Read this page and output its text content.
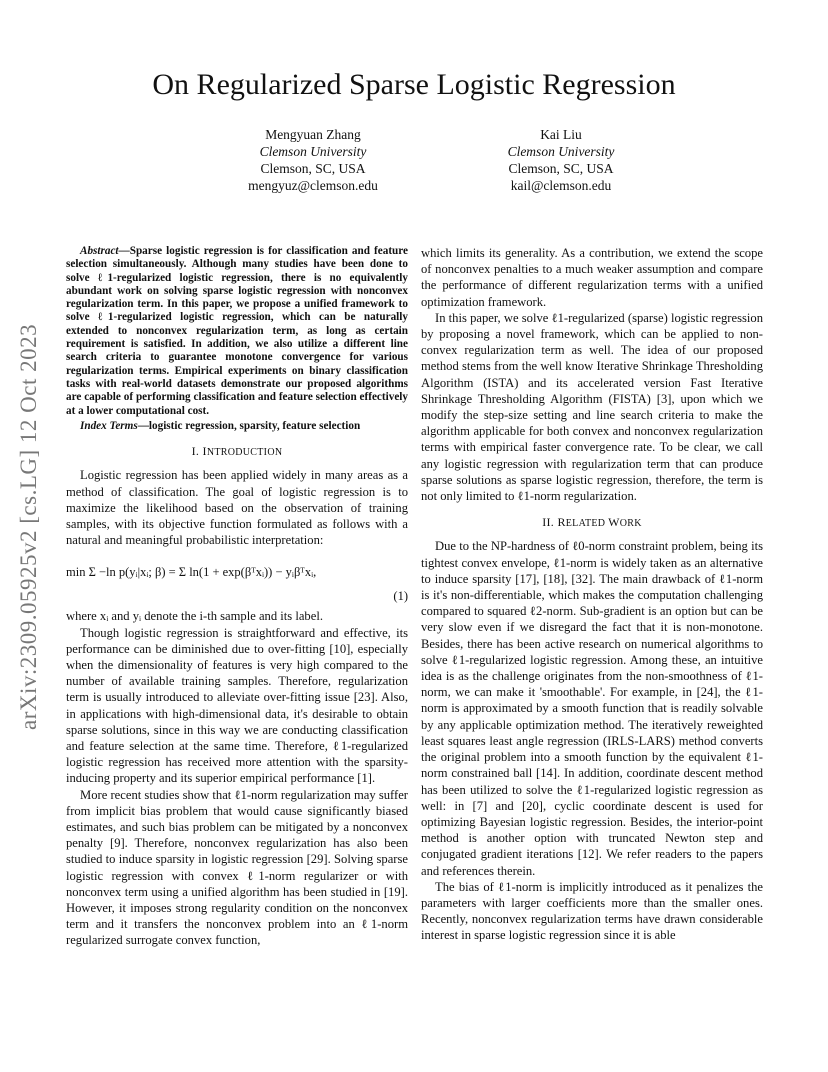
arXiv:2309.05925v2 [cs.LG] 12 Oct 2023
On Regularized Sparse Logistic Regression
Mengyuan Zhang
Clemson University
Clemson, SC, USA
mengyuz@clemson.edu
Kai Liu
Clemson University
Clemson, SC, USA
kail@clemson.edu
Abstract—Sparse logistic regression is for classification and feature selection simultaneously. Although many studies have been done to solve ℓ1-regularized logistic regression, there is no equivalently abundant work on solving sparse logistic regression with nonconvex regularization term. In this paper, we propose a unified framework to solve ℓ1-regularized logistic regression, which can be naturally extended to nonconvex regularization term, as long as certain requirement is satisfied. In addition, we also utilize a different line search criteria to guarantee monotone convergence for various regularization terms. Empirical experiments on binary classification tasks with real-world datasets demonstrate our proposed algorithms are capable of performing classification and feature selection effectively at a lower computational cost.
Index Terms—logistic regression, sparsity, feature selection
I. INTRODUCTION

Logistic regression has been applied widely in many areas as a method of classification. The goal of logistic regression is to maximize the likelihood based on the observation of training samples, with its objective function formulated as follows with a natural and meaningful probabilistic interpretation:

min Σ −ln p(yᵢ|xᵢ; β) = Σ ln(1 + exp(βᵀxᵢ)) − yᵢβᵀxᵢ,
(1)

where xᵢ and yᵢ denote the i-th sample and its label.

Though logistic regression is straightforward and effective, its performance can be diminished due to over-fitting [10], especially when the dimensionality of features is very high compared to the number of available training samples. Therefore, regularization term is usually introduced to alleviate over-fitting issue [23]. Also, in applications with high-dimensional data, it's desirable to obtain sparse solutions, since in this way we are conducting classification and feature selection at the same time. Therefore, ℓ1-regularized logistic regression has received more attention with the sparsity-inducing property and its superior empirical performance [1].

More recent studies show that ℓ1-norm regularization may suffer from implicit bias problem that would cause significantly biased estimates, and such bias problem can be mitigated by a nonconvex penalty [9]. Therefore, nonconvex regularization has also been studied to induce sparsity in logistic regression [29]. Solving sparse logistic regression with convex ℓ1-norm regularizer or with nonconvex term using a unified algorithm has been studied in [19]. However, it imposes strong regularity condition on the nonconvex term and it transfers the nonconvex problem into an ℓ1-norm regularized surrogate convex function,

which limits its generality. As a contribution, we extend the scope of nonconvex penalties to a much weaker assumption and compare the performance of different regularization terms with a unified optimization framework.

In this paper, we solve ℓ1-regularized (sparse) logistic regression by proposing a novel framework, which can be applied to non-convex regularization term as well. The idea of our proposed method stems from the well know Iterative Shrinkage Thresholding Algorithm (ISTA) and its accelerated version Fast Iterative Shrinkage Thresholding Algorithm (FISTA) [3], upon which we modify the step-size setting and line search criteria to make the algorithm applicable for both convex and nonconvex regularization terms with empirical faster convergence rate. To be clear, we call any logistic regression with regularization term that can produce sparse solutions as sparse logistic regression, therefore, the term is not only limited to ℓ1-norm regularization.

II. RELATED WORK

Due to the NP-hardness of ℓ0-norm constraint problem, being its tightest convex envelope, ℓ1-norm is widely taken as an alternative to induce sparsity [17], [18], [32]. The main drawback of ℓ1-norm is it's non-differentiable, which makes the computation challenging compared to squared ℓ2-norm. Sub-gradient is an option but can be very slow even if we disregard the fact that it is non-monotone. Besides, there has been active research on numerical algorithms to solve ℓ1-regularized logistic regression. Among these, an intuitive idea is as the challenge originates from the non-smoothness of ℓ1-norm, we can make it 'smoothable'. For example, in [24], the ℓ1-norm is approximated by a smooth function that is readily solvable by any applicable optimization method. The iteratively reweighted least squares least angle regression (IRLS-LARS) method converts the original problem into a smooth function by the equivalent ℓ1-norm constrained ball [14]. In addition, coordinate descent method has been utilized to solve the ℓ1-regularized logistic regression as well: in [7] and [20], cyclic coordinate descent is used for optimizing Bayesian logistic regression. Besides, the interior-point method is another option with truncated Newton step and conjugated gradient iterations [12]. We refer readers to the papers and references therein.

The bias of ℓ1-norm is implicitly introduced as it penalizes the parameters with larger coefficients more than the smaller ones. Recently, nonconvex regularization terms have drawn considerable interest in sparse logistic regression since it is able
